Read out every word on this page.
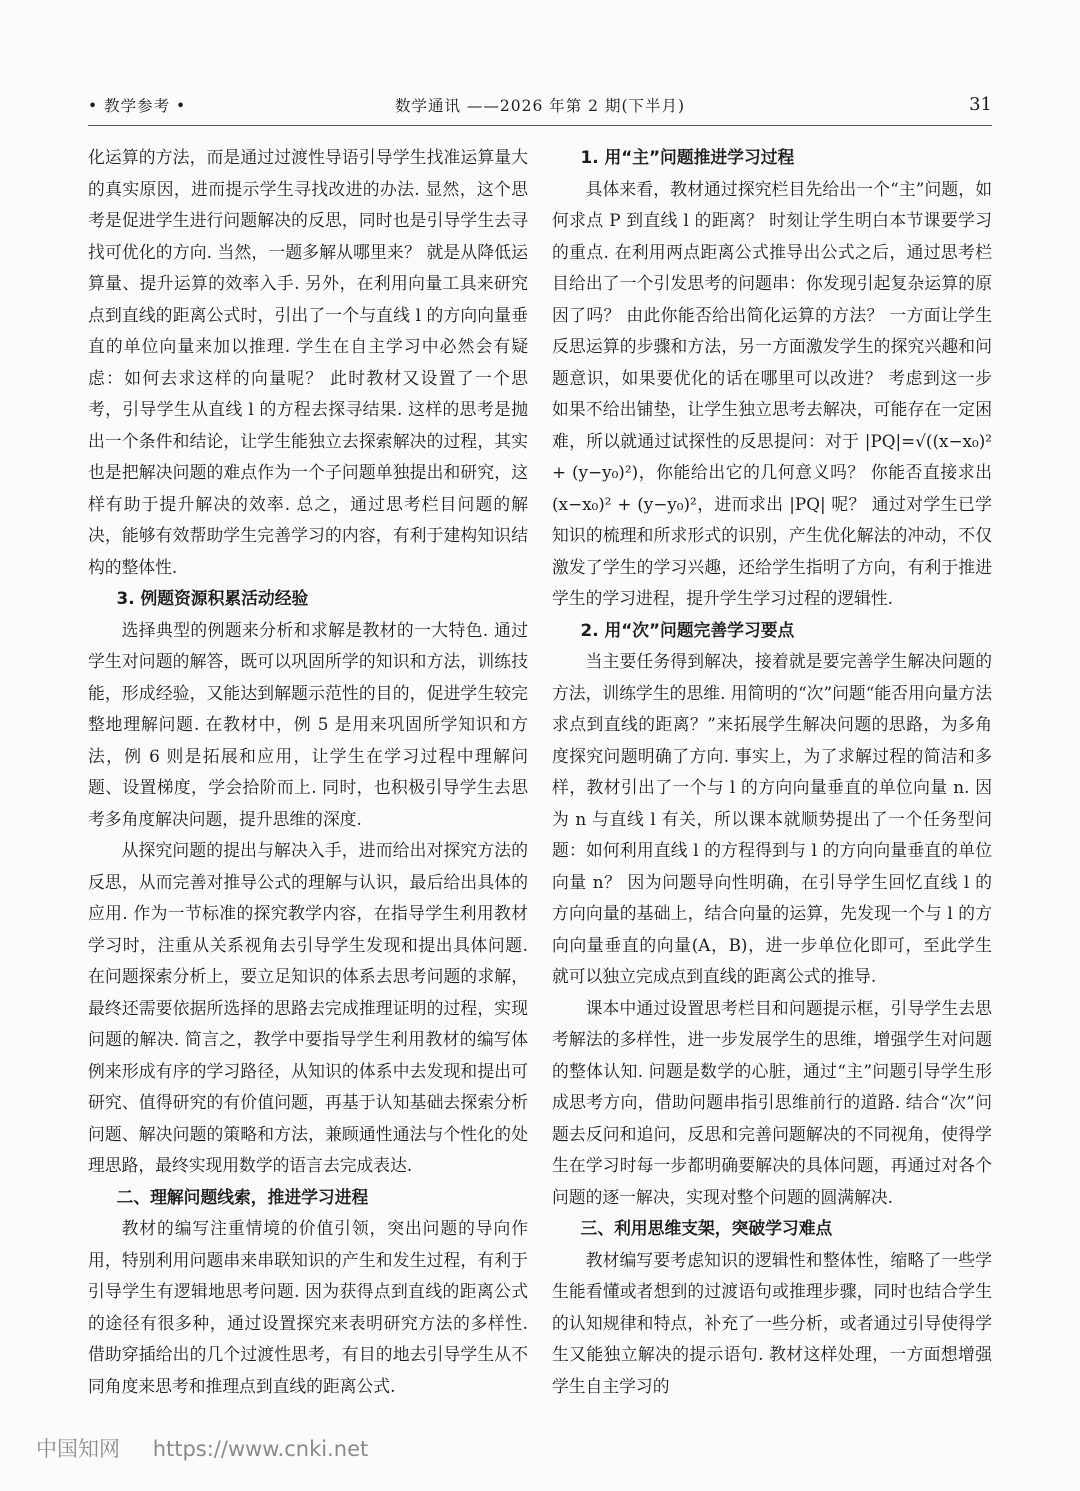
• 教学参考 •	数学通讯 ——2026 年第 2 期(下半月)	31

化运算的方法，而是通过过渡性导语引导学生找准运算量大的真实原因，进而提示学生寻找改进的办法. 显然，这个思考是促进学生进行问题解决的反思，同时也是引导学生去寻找可优化的方向. 当然，一题多解从哪里来？ 就是从降低运算量、提升运算的效率入手. 另外，在利用向量工具来研究点到直线的距离公式时，引出了一个与直线 l 的方向向量垂直的单位向量来加以推理. 学生在自主学习中必然会有疑虑：如何去求这样的向量呢？ 此时教材又设置了一个思考，引导学生从直线 l 的方程去探寻结果. 这样的思考是抛出一个条件和结论，让学生能独立去探索解决的过程，其实也是把解决问题的难点作为一个子问题单独提出和研究，这样有助于提升解决的效率. 总之，通过思考栏目问题的解决，能够有效帮助学生完善学习的内容，有利于建构知识结构的整体性.

3. 例题资源积累活动经验

选择典型的例题来分析和求解是教材的一大特色. 通过学生对问题的解答，既可以巩固所学的知识和方法，训练技能，形成经验，又能达到解题示范性的目的，促进学生较完整地理解问题. 在教材中，例 5 是用来巩固所学知识和方法，例 6 则是拓展和应用，让学生在学习过程中理解问题、设置梯度，学会拾阶而上. 同时，也积极引导学生去思考多角度解决问题，提升思维的深度.

从探究问题的提出与解决入手，进而给出对探究方法的反思，从而完善对推导公式的理解与认识，最后给出具体的应用. 作为一节标准的探究教学内容，在指导学生利用教材学习时，注重从关系视角去引导学生发现和提出具体问题. 在问题探索分析上，要立足知识的体系去思考问题的求解，最终还需要依据所选择的思路去完成推理证明的过程，实现问题的解决. 简言之，教学中要指导学生利用教材的编写体例来形成有序的学习路径，从知识的体系中去发现和提出可研究、值得研究的有价值问题，再基于认知基础去探索分析问题、解决问题的策略和方法，兼顾通性通法与个性化的处理思路，最终实现用数学的语言去完成表达.

二、理解问题线索，推进学习进程

教材的编写注重情境的价值引领，突出问题的导向作用，特别利用问题串来串联知识的产生和发生过程，有利于引导学生有逻辑地思考问题. 因为获得点到直线的距离公式的途径有很多种，通过设置探究来表明研究方法的多样性. 借助穿插给出的几个过渡性思考，有目的地去引导学生从不同角度来思考和推理点到直线的距离公式.

1. 用“主”问题推进学习过程

具体来看，教材通过探究栏目先给出一个“主”问题，如何求点 P 到直线 l 的距离？ 时刻让学生明白本节课要学习的重点. 在利用两点距离公式推导出公式之后，通过思考栏目给出了一个引发思考的问题串：你发现引起复杂运算的原因了吗？ 由此你能否给出简化运算的方法？ 一方面让学生反思运算的步骤和方法，另一方面激发学生的探究兴趣和问题意识，如果要优化的话在哪里可以改进？ 考虑到这一步如果不给出铺垫，让学生独立思考去解决，可能存在一定困难，所以就通过试探性的反思提问：对于 |PQ|=√((x−x₀)² + (y−y₀)²)，你能给出它的几何意义吗？ 你能否直接求出 (x−x₀)² + (y−y₀)²，进而求出 |PQ| 呢？ 通过对学生已学知识的梳理和所求形式的识别，产生优化解法的冲动，不仅激发了学生的学习兴趣，还给学生指明了方向，有利于推进学生的学习进程，提升学生学习过程的逻辑性.

2. 用“次”问题完善学习要点

当主要任务得到解决，接着就是要完善学生解决问题的方法，训练学生的思维. 用简明的“次”问题“能否用向量方法求点到直线的距离？”来拓展学生解决问题的思路，为多角度探究问题明确了方向. 事实上，为了求解过程的简洁和多样，教材引出了一个与 l 的方向向量垂直的单位向量 n. 因为 n 与直线 l 有关，所以课本就顺势提出了一个任务型问题：如何利用直线 l 的方程得到与 l 的方向向量垂直的单位向量 n？ 因为问题导向性明确，在引导学生回忆直线 l 的方向向量的基础上，结合向量的运算，先发现一个与 l 的方向向量垂直的向量(A，B)，进一步单位化即可，至此学生就可以独立完成点到直线的距离公式的推导.

课本中通过设置思考栏目和问题提示框，引导学生去思考解法的多样性，进一步发展学生的思维，增强学生对问题的整体认知. 问题是数学的心脏，通过“主”问题引导学生形成思考方向，借助问题串指引思维前行的道路. 结合“次”问题去反问和追问，反思和完善问题解决的不同视角，使得学生在学习时每一步都明确要解决的具体问题，再通过对各个问题的逐一解决，实现对整个问题的圆满解决.

三、利用思维支架，突破学习难点

教材编写要考虑知识的逻辑性和整体性，缩略了一些学生能看懂或者想到的过渡语句或推理步骤，同时也结合学生的认知规律和特点，补充了一些分析，或者通过引导使得学生又能独立解决的提示语句. 教材这样处理，一方面想增强学生自主学习的

中国知网 https://www.cnki.net
